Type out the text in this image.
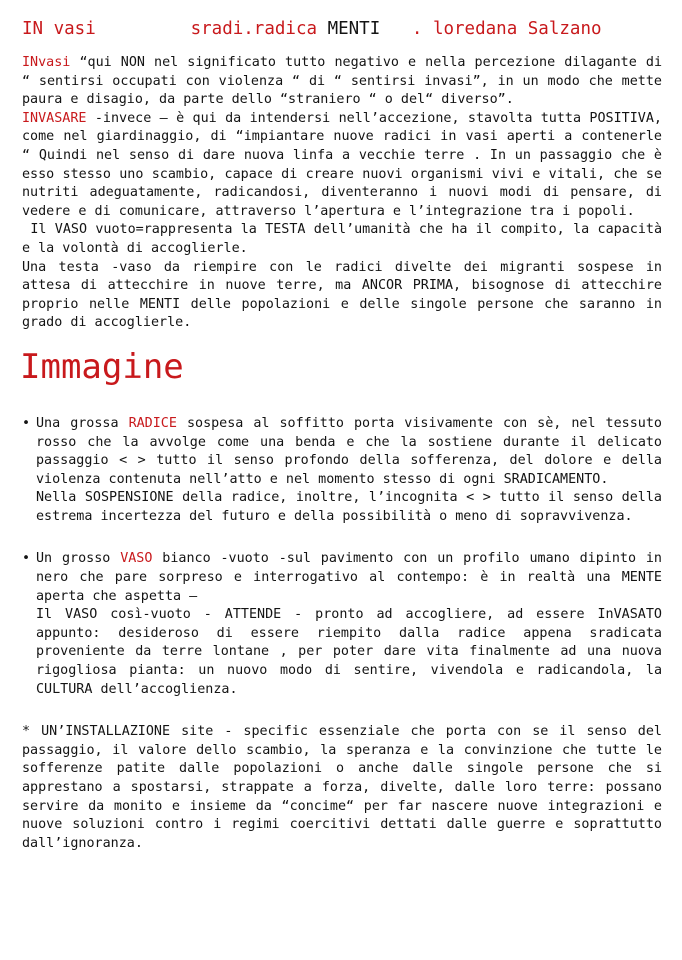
IN vasi	sradi.radica MENTI . loredana Salzano

INvasi “qui NON nel significato tutto negativo e nella percezione dilagante di “ sentirsi occupati con violenza “ di “ sentirsi invasi”, in un modo che mette paura e disagio, da parte dello “straniero “ o del“ diverso”.

INVASARE -invece – è qui da intendersi nell’accezione, stavolta tutta POSITIVA, come nel giardinaggio, di “impiantare nuove radici in vasi aperti a contenerle “ Quindi nel senso di dare nuova linfa a vecchie terre . In un passaggio che è esso stesso uno scambio, capace di creare nuovi organismi vivi e vitali, che se nutriti adeguatamente, radicandosi, diventeranno i nuovi modi di pensare, di vedere e di comunicare, attraverso l’apertura e l’integrazione tra i popoli.

Il VASO vuoto=rappresenta la TESTA dell’umanità che ha il compito, la capacità e la volontà di accoglierle.

Una testa -vaso da riempire con le radici divelte dei migranti sospese in attesa di attecchire in nuove terre, ma ANCOR PRIMA, bisognose di attecchire proprio nelle MENTI delle popolazioni e delle singole persone che saranno in grado di accoglierle.

Immagine

• Una grossa RADICE sospesa al soffitto porta visivamente con sè, nel tessuto rosso che la avvolge come una benda e che la sostiene durante il delicato passaggio < > tutto il senso profondo della sofferenza, del dolore e della violenza contenuta nell’atto e nel momento stesso di ogni SRADICAMENTO.

Nella SOSPENSIONE della radice, inoltre, l’incognita < > tutto il senso della estrema incertezza del futuro e della possibilità o meno di sopravvivenza.

• Un grosso VASO bianco -vuoto -sul pavimento con un profilo umano dipinto in nero che pare sorpreso e interrogativo al contempo: è in realtà una MENTE aperta che aspetta –

Il VASO così-vuoto - ATTENDE - pronto ad accogliere, ad essere InVASATO appunto: desideroso di essere riempito dalla radice appena sradicata proveniente da terre lontane , per poter dare vita finalmente ad una nuova rigogliosa pianta: un nuovo modo di sentire, vivendola e radicandola, la CULTURA dell’accoglienza.

* UN’INSTALLAZIONE site - specific essenziale che porta con se il senso del passaggio, il valore dello scambio, la speranza e la convinzione che tutte le sofferenze patite dalle popolazioni o anche dalle singole persone che si apprestano a spostarsi, strappate a forza, divelte, dalle loro terre: possano servire da monito e insieme da “concime“ per far nascere nuove integrazioni e nuove soluzioni contro i regimi coercitivi dettati dalle guerre e soprattutto dall’ignoranza.
